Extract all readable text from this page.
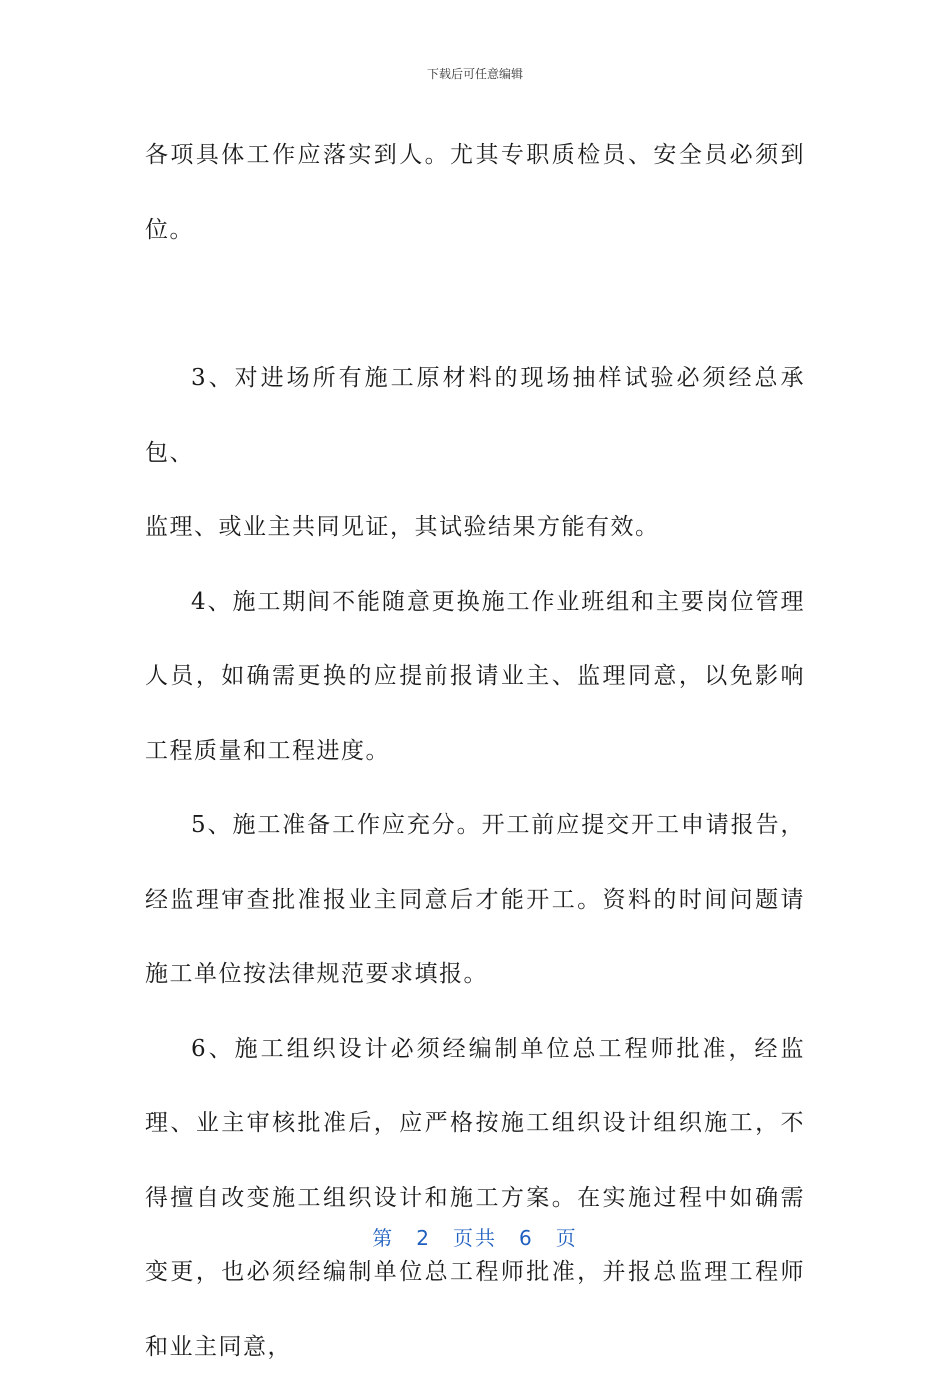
下载后可任意编辑

各项具体工作应落实到人。尤其专职质检员、安全员必须到位。

3、对进场所有施工原材料的现场抽样试验必须经总承包、

监理、或业主共同见证，其试验结果方能有效。

4、施工期间不能随意更换施工作业班组和主要岗位管理人员，如确需更换的应提前报请业主、监理同意，以免影响工程质量和工程进度。

5、施工准备工作应充分。开工前应提交开工申请报告，经监理审查批准报业主同意后才能开工。资料的时间问题请施工单位按法律规范要求填报。

6、施工组织设计必须经编制单位总工程师批准，经监理、业主审核批准后，应严格按施工组织设计组织施工，不得擅自改变施工组织设计和施工方案。在实施过程中如确需变更，也必须经编制单位总工程师批准，并报总监理工程师和业主同意，

第 2 页共 6 页
